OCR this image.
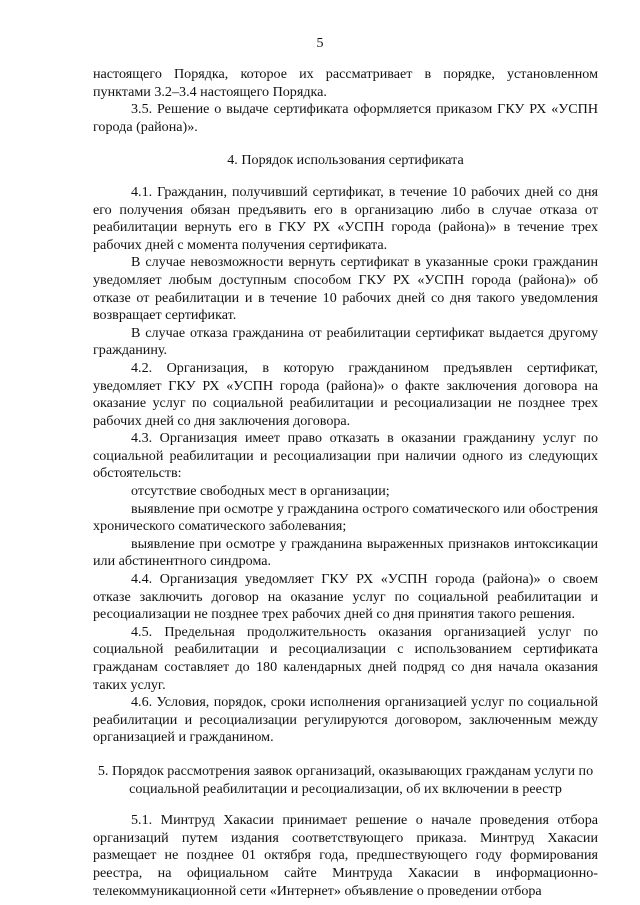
5

настоящего Порядка, которое их рассматривает в порядке, установленном пунктами 3.2–3.4 настоящего Порядка.

3.5. Решение о выдаче сертификата оформляется приказом ГКУ РХ «УСПН города (района)».

4. Порядок использования сертификата

4.1. Гражданин, получивший сертификат, в течение 10 рабочих дней со дня его получения обязан предъявить его в организацию либо в случае отказа от реабилитации вернуть его в ГКУ РХ «УСПН города (района)» в течение трех рабочих дней с момента получения сертификата.

В случае невозможности вернуть сертификат в указанные сроки гражданин уведомляет любым доступным способом ГКУ РХ «УСПН города (района)» об отказе от реабилитации и в течение 10 рабочих дней со дня такого уведомления возвращает сертификат.

В случае отказа гражданина от реабилитации сертификат выдается другому гражданину.

4.2. Организация, в которую гражданином предъявлен сертификат, уведомляет ГКУ РХ «УСПН города (района)» о факте заключения договора на оказание услуг по социальной реабилитации и ресоциализации не позднее трех рабочих дней со дня заключения договора.

4.3. Организация имеет право отказать в оказании гражданину услуг по социальной реабилитации и ресоциализации при наличии одного из следующих обстоятельств:

отсутствие свободных мест в организации;

выявление при осмотре у гражданина острого соматического или обострения хронического соматического заболевания;

выявление при осмотре у гражданина выраженных признаков интоксикации или абстинентного синдрома.

4.4. Организация уведомляет ГКУ РХ «УСПН города (района)» о своем отказе заключить договор на оказание услуг по социальной реабилитации и ресоциализации не позднее трех рабочих дней со дня принятия такого решения.

4.5. Предельная продолжительность оказания организацией услуг по социальной реабилитации и ресоциализации с использованием сертификата гражданам составляет до 180 календарных дней подряд со дня начала оказания таких услуг.

4.6. Условия, порядок, сроки исполнения организацией услуг по социальной реабилитации и ресоциализации регулируются договором, заключенным между организацией и гражданином.

5. Порядок рассмотрения заявок организаций, оказывающих гражданам услуги по социальной реабилитации и ресоциализации, об их включении в реестр

5.1. Минтруд Хакасии принимает решение о начале проведения отбора организаций путем издания соответствующего приказа. Минтруд Хакасии размещает не позднее 01 октября года, предшествующего году формирования реестра, на официальном сайте Минтруда Хакасии в информационно-телекоммуникационной сети «Интернет» объявление о проведении отбора
